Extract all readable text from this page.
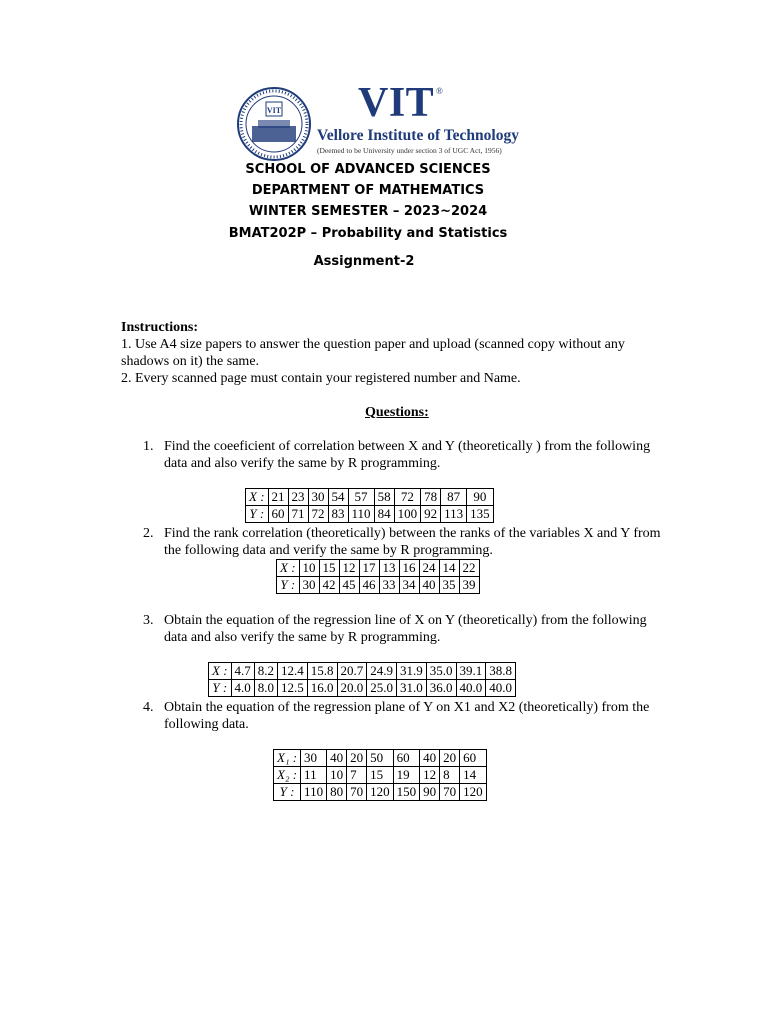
VIT VIT ®
Vellore Institute of Technology
(Deemed to be University under section 3 of UGC Act, 1956)
SCHOOL OF ADVANCED SCIENCES
DEPARTMENT OF MATHEMATICS
WINTER SEMESTER – 2023~2024
BMAT202P – Probability and Statistics
Assignment-2
Instructions:
1. Use A4 size papers to answer the question paper and upload (scanned copy without any
shadows on it) the same.
2. Every scanned page must contain your registered number and Name.
Questions:
1. Find the coeeficient of correlation between X and Y (theoretically ) from the following
data and also verify the same by R programming.
X :	21	23	30	54	57	58	72	78	87	90
Y :	60	71	72	83	110	84	100	92	113	135
2. Find the rank correlation (theoretically) between the ranks of the variables X and Y from
the following data and verify the same by R programming.
X :	10	15	12	17	13	16	24	14	22
Y :	30	42	45	46	33	34	40	35	39
3. Obtain the equation of the regression line of X on Y (theoretically) from the following
data and also verify the same by R programming.
X :	4.7	8.2	12.4	15.8	20.7	24.9	31.9	35.0	39.1	38.8
Y :	4.0	8.0	12.5	16.0	20.0	25.0	31.0	36.0	40.0	40.0
4. Obtain the equation of the regression plane of Y on X1 and X2 (theoretically) from the
following data.
X₁ :	30	40	20	50	60	40	20	60
X₂ :	11	10	7	15	19	12	8	14
Y :	110	80	70	120	150	90	70	120
